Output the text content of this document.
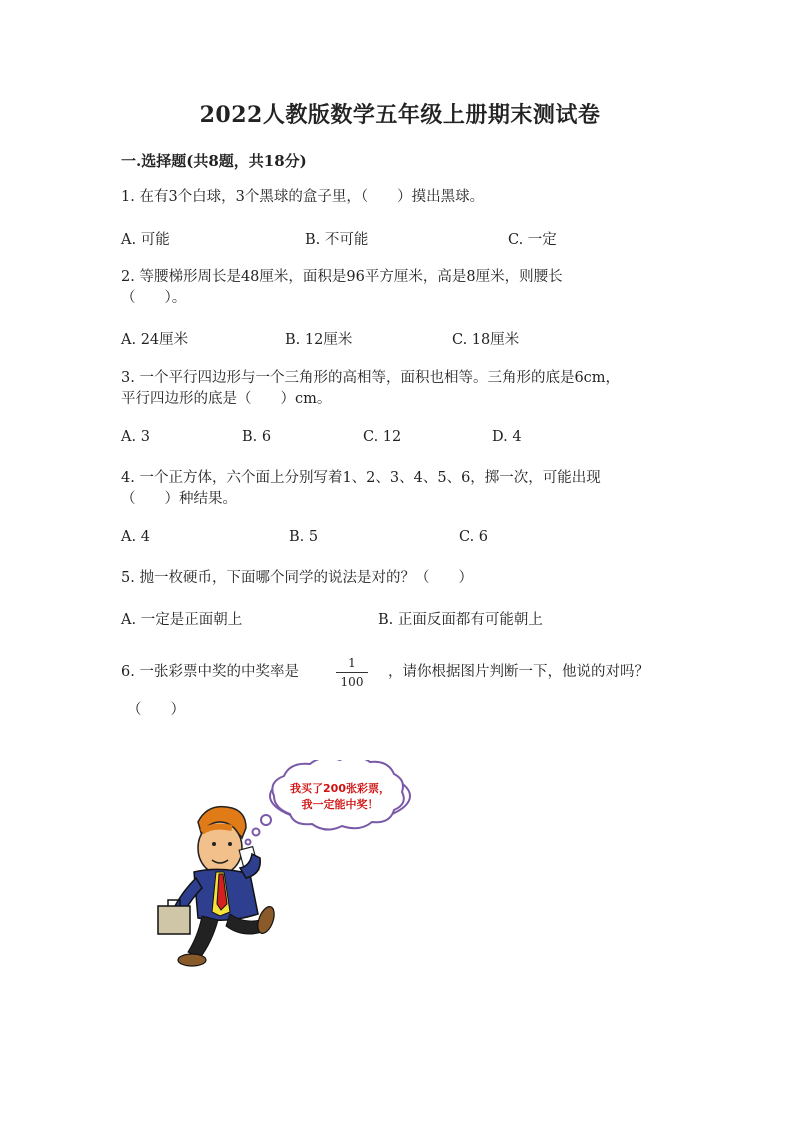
2022人教版数学五年级上册期末测试卷
一.选择题(共8题，共18分)
1. 在有3个白球，3个黑球的盒子里，（　　）摸出黑球。
A. 可能	B. 不可能	C. 一定
2. 等腰梯形周长是48厘米，面积是96平方厘米，高是8厘米，则腰长
（　　）。
A. 24厘米	B. 12厘米	C. 18厘米
3. 一个平行四边形与一个三角形的高相等，面积也相等。三角形的底是6cm，
平行四边形的底是（　　）cm。
A. 3	B. 6	C. 12	D. 4
4. 一个正方体，六个面上分别写着1、2、3、4、5、6，掷一次，可能出现
（　　）种结果。
A. 4	B. 5	C. 6
5. 抛一枚硬币，下面哪个同学的说法是对的？（　　）
A. 一定是正面朝上	B. 正面反面都有可能朝上
6. 一张彩票中奖的中奖率是
1
100
，请你根据图片判断一下，他说的对吗？
（　　）
我买了200张彩票，
我一定能中奖！
